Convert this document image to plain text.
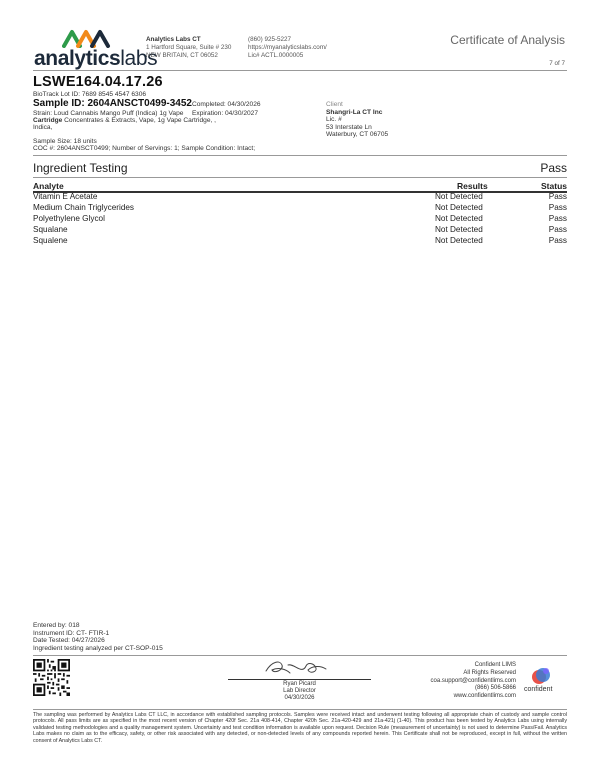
analyticslabs
Analytics Labs CT
1 Hartford Square, Suite # 230
NEW BRITAIN, CT 06052
(860) 925-5227
https://myanalyticslabs.com/
Lic# ACTL.0000005
Certificate of Analysis
7 of 7
LSWE164.04.17.26
BioTrack Lot ID: 7689 8545 4547 6306
Sample ID: 2604ANSCT0499-3452 Completed: 04/30/2026
Strain: Loud Cannabis Mango Puff (Indica) 1g Vape Expiration: 04/30/2027
Cartridge Concentrates & Extracts, Vape, 1g Vape Cartridge, ,
Indica,
Sample Size: 18 units
COC #: 2604ANSCT0499; Number of Servings: 1; Sample Condition: Intact;
Client
Shangri-La CT Inc
Lic. #
53 Interstate Ln
Waterbury, CT 06705
Ingredient Testing	Pass
Analyte	Results	Status
Vitamin E Acetate	Not Detected	Pass
Medium Chain Triglycerides	Not Detected	Pass
Polyethylene Glycol	Not Detected	Pass
Squalane	Not Detected	Pass
Squalene	Not Detected	Pass
Entered by: 018
Instrument ID: CT- FTIR-1
Date Tested: 04/27/2026
Ingredient testing analyzed per CT-SOP-015
Ryan Picard
Lab Director
04/30/2026
Confident LIMS
All Rights Reserved
coa.support@confidentlims.com
(866) 506-5866
www.confidentlims.com
confident
The sampling was performed by Analytics Labs CT LLC, in accordance with established sampling protocols. Samples were received intact and underwent testing following all appropriate chain of custody and sample control protocols. All pass limits are as specified in the most recent version of Chapter 420f Sec. 21a 408-414, Chapter 420h Sec. 21a-420-429 and 21a-421j (1-40). This product has been tested by Analytics Labs using internally validated testing methodologies and a quality management system. Uncertainty and test condition information is available upon request. Decision Rule (measurement of uncertainty) is not used to determine Pass/Fail. Analytics Labs makes no claim as to the efficacy, safety, or other risk associated with any detected, or non-detected levels of any compounds reported herein. This Certificate shall not be reproduced, except in full, without the written consent of Analytics Labs CT.
